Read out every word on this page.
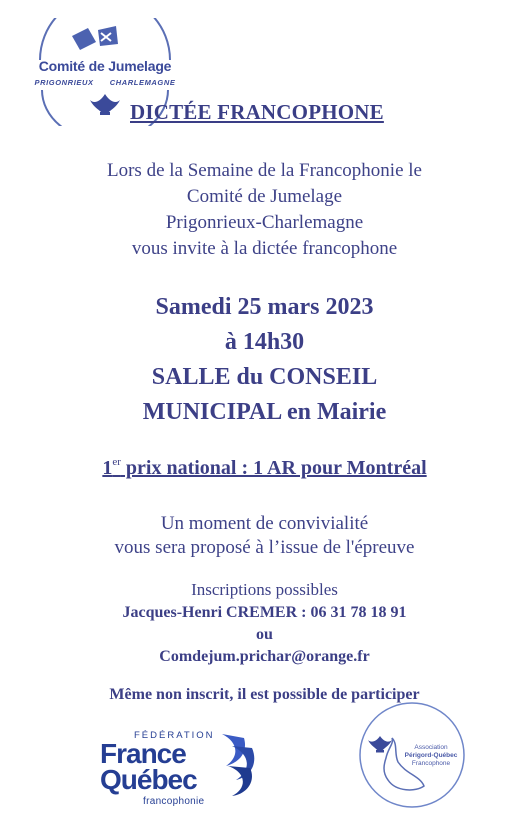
Comité de Jumelage
PRIGONRIEUX CHARLEMAGNE
DICTÉE FRANCOPHONE
Lors de la Semaine de la Francophonie le
Comité de Jumelage
Prigonrieux-Charlemagne
vous invite à la dictée francophone
Samedi 25 mars 2023
à 14h30
SALLE du CONSEIL
MUNICIPAL en Mairie
1er prix national : 1 AR pour Montréal
Un moment de convivialité
vous sera proposé à l’issue de l'épreuve
Inscriptions possibles
Jacques-Henri CREMER : 06 31 78 18 91
ou
Comdejum.prichar@orange.fr
Même non inscrit, il est possible de participer
FÉDÉRATION
France
Québec
francophonie
Association
Périgord-Québec
Francophone
